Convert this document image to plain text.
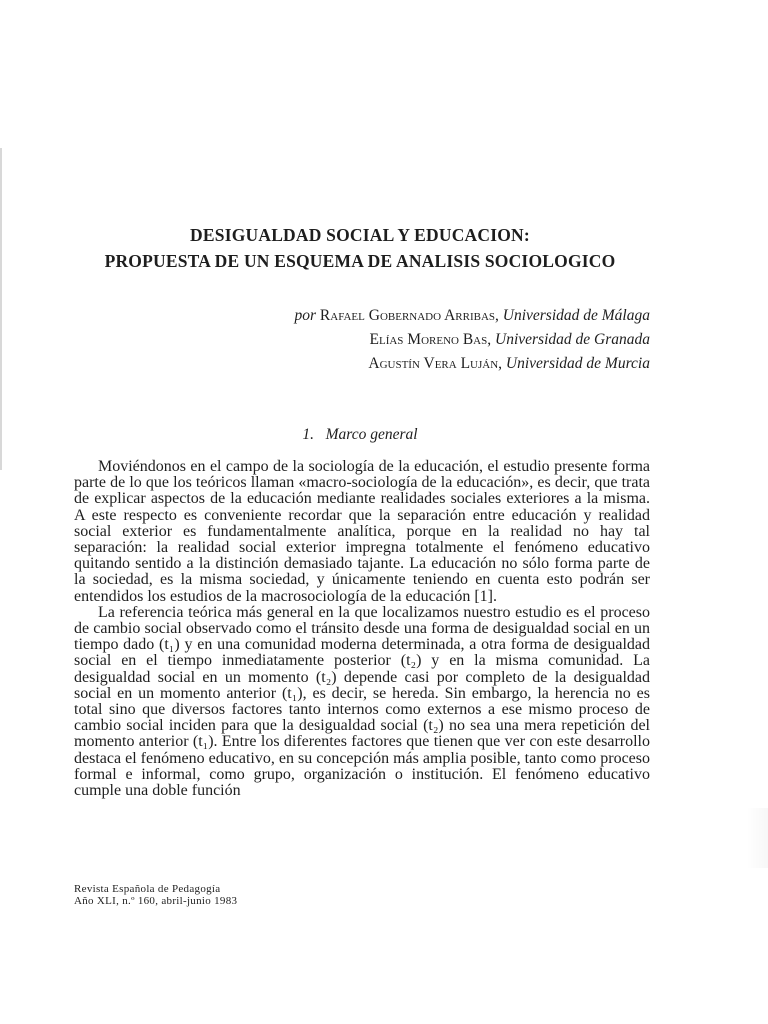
DESIGUALDAD SOCIAL Y EDUCACION:
PROPUESTA DE UN ESQUEMA DE ANALISIS SOCIOLOGICO
por Rafael Gobernado Arribas, Universidad de Málaga
Elías Moreno Bas, Universidad de Granada
Agustín Vera Luján, Universidad de Murcia
1.   Marco general

Moviéndonos en el campo de la sociología de la educación, el estudio presente forma parte de lo que los teóricos llaman «macro-sociología de la educación», es decir, que trata de explicar aspectos de la educación mediante realidades sociales exteriores a la misma. A este respecto es conveniente recordar que la separación entre educación y realidad social exterior es fundamentalmente analítica, porque en la realidad no hay tal separación: la realidad social exterior impregna totalmente el fenómeno educativo quitando sentido a la distinción demasiado tajante. La educación no sólo forma parte de la sociedad, es la misma sociedad, y únicamente teniendo en cuenta esto podrán ser entendidos los estudios de la macrosociología de la educación [1].

La referencia teórica más general en la que localizamos nuestro estudio es el proceso de cambio social observado como el tránsito desde una forma de desigualdad social en un tiempo dado (t₁) y en una comunidad moderna determinada, a otra forma de desigualdad social en el tiempo inmediatamente posterior (t₂) y en la misma comunidad. La desigualdad social en un momento (t₂) depende casi por completo de la desigualdad social en un momento anterior (t₁), es decir, se hereda. Sin embargo, la herencia no es total sino que diversos factores tanto internos como externos a ese mismo proceso de cambio social inciden para que la desigualdad social (t₂) no sea una mera repetición del momento anterior (t₁). Entre los diferentes factores que tienen que ver con este desarrollo destaca el fenómeno educativo, en su concepción más amplia posible, tanto como proceso formal e informal, como grupo, organización o institución. El fenómeno educativo cumple una doble función

Revista Española de Pedagogía
Año XLI, n.º 160, abril-junio 1983
